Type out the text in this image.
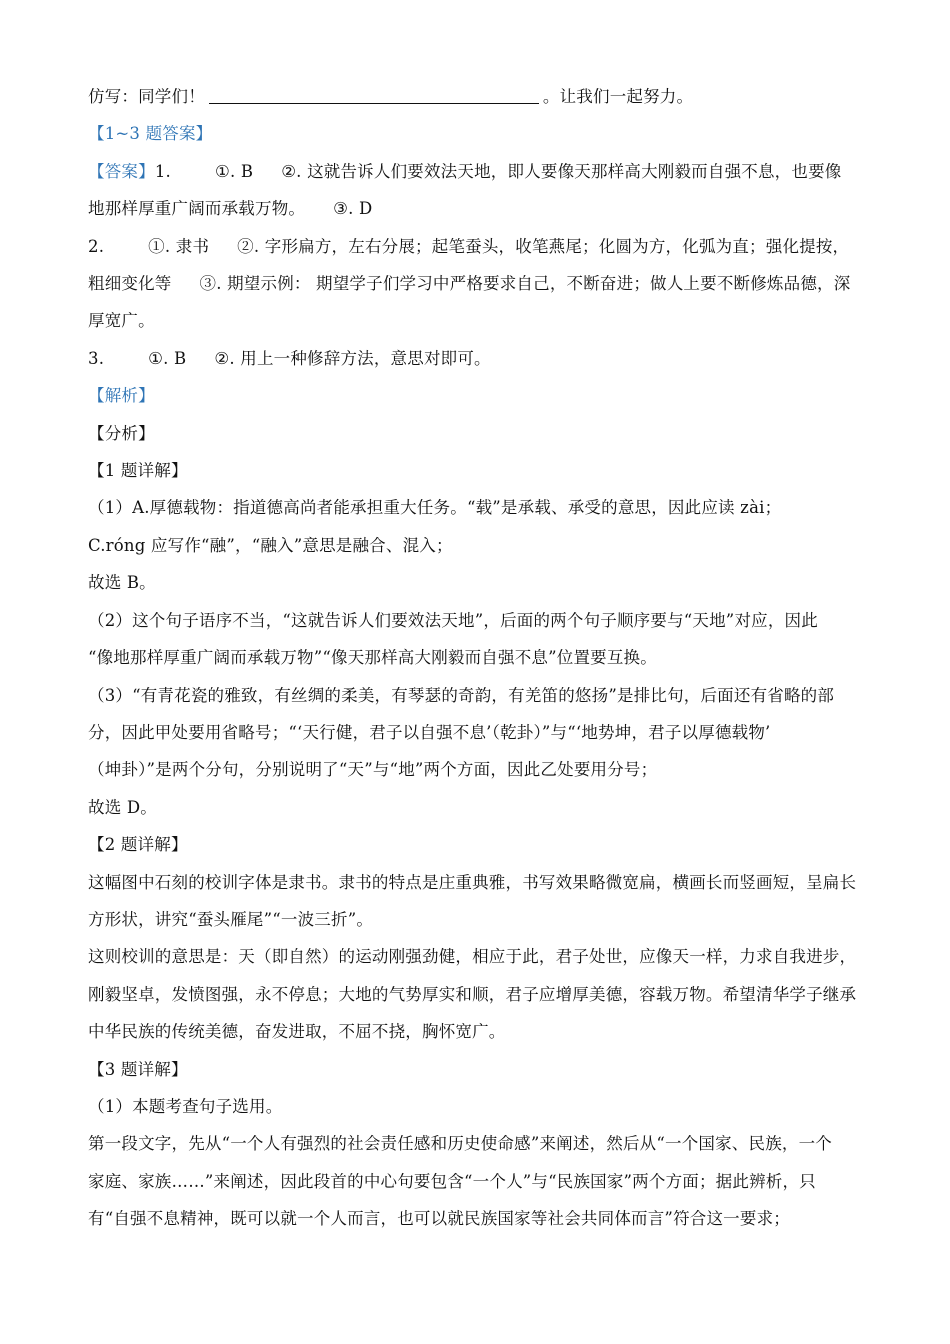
仿写：同学们！	。让我们一起努力。
【1~3 题答案】
【答案】1.	①. B ②. 这就告诉人们要效法天地，即人要像天那样高大刚毅而自强不息，也要像
地那样厚重广阔而承载万物。 ③. D
2.	①. 隶书 ②. 字形扁方，左右分展；起笔蚕头，收笔燕尾；化圆为方，化弧为直；强化提按，
粗细变化等 ③. 期望示例： 期望学子们学习中严格要求自己，不断奋进；做人上要不断修炼品德，深
厚宽广。
3.	①. B ②. 用上一种修辞方法，意思对即可。
【解析】
【分析】
【1 题详解】
（1）A.厚德载物：指道德高尚者能承担重大任务。“载”是承载、承受的意思，因此应读 zài；
C.róng 应写作“融”，“融入”意思是融合、混入；
故选 B。
（2）这个句子语序不当，“这就告诉人们要效法天地”，后面的两个句子顺序要与“天地”对应，因此
“像地那样厚重广阔而承载万物”“像天那样高大刚毅而自强不息”位置要互换。
（3）“有青花瓷的雅致，有丝绸的柔美，有琴瑟的奇韵，有羌笛的悠扬”是排比句，后面还有省略的部
分，因此甲处要用省略号；“‘天行健，君子以自强不息’（乾卦）”与“‘地势坤，君子以厚德载物’
（坤卦）”是两个分句，分别说明了“天”与“地”两个方面，因此乙处要用分号；
故选 D。
【2 题详解】
这幅图中石刻的校训字体是隶书。隶书的特点是庄重典雅，书写效果略微宽扁，横画长而竖画短，呈扁长
方形状，讲究“蚕头雁尾”“一波三折”。
这则校训的意思是：天（即自然）的运动刚强劲健，相应于此，君子处世，应像天一样，力求自我进步，
刚毅坚卓，发愤图强，永不停息；大地的气势厚实和顺，君子应增厚美德，容载万物。希望清华学子继承
中华民族的传统美德，奋发进取，不屈不挠，胸怀宽广。
【3 题详解】
（1）本题考查句子选用。
第一段文字，先从“一个人有强烈的社会责任感和历史使命感”来阐述，然后从“一个国家、民族，一个
家庭、家族……”来阐述，因此段首的中心句要包含“一个人”与“民族国家”两个方面；据此辨析，只
有“自强不息精神，既可以就一个人而言，也可以就民族国家等社会共同体而言”符合这一要求；
